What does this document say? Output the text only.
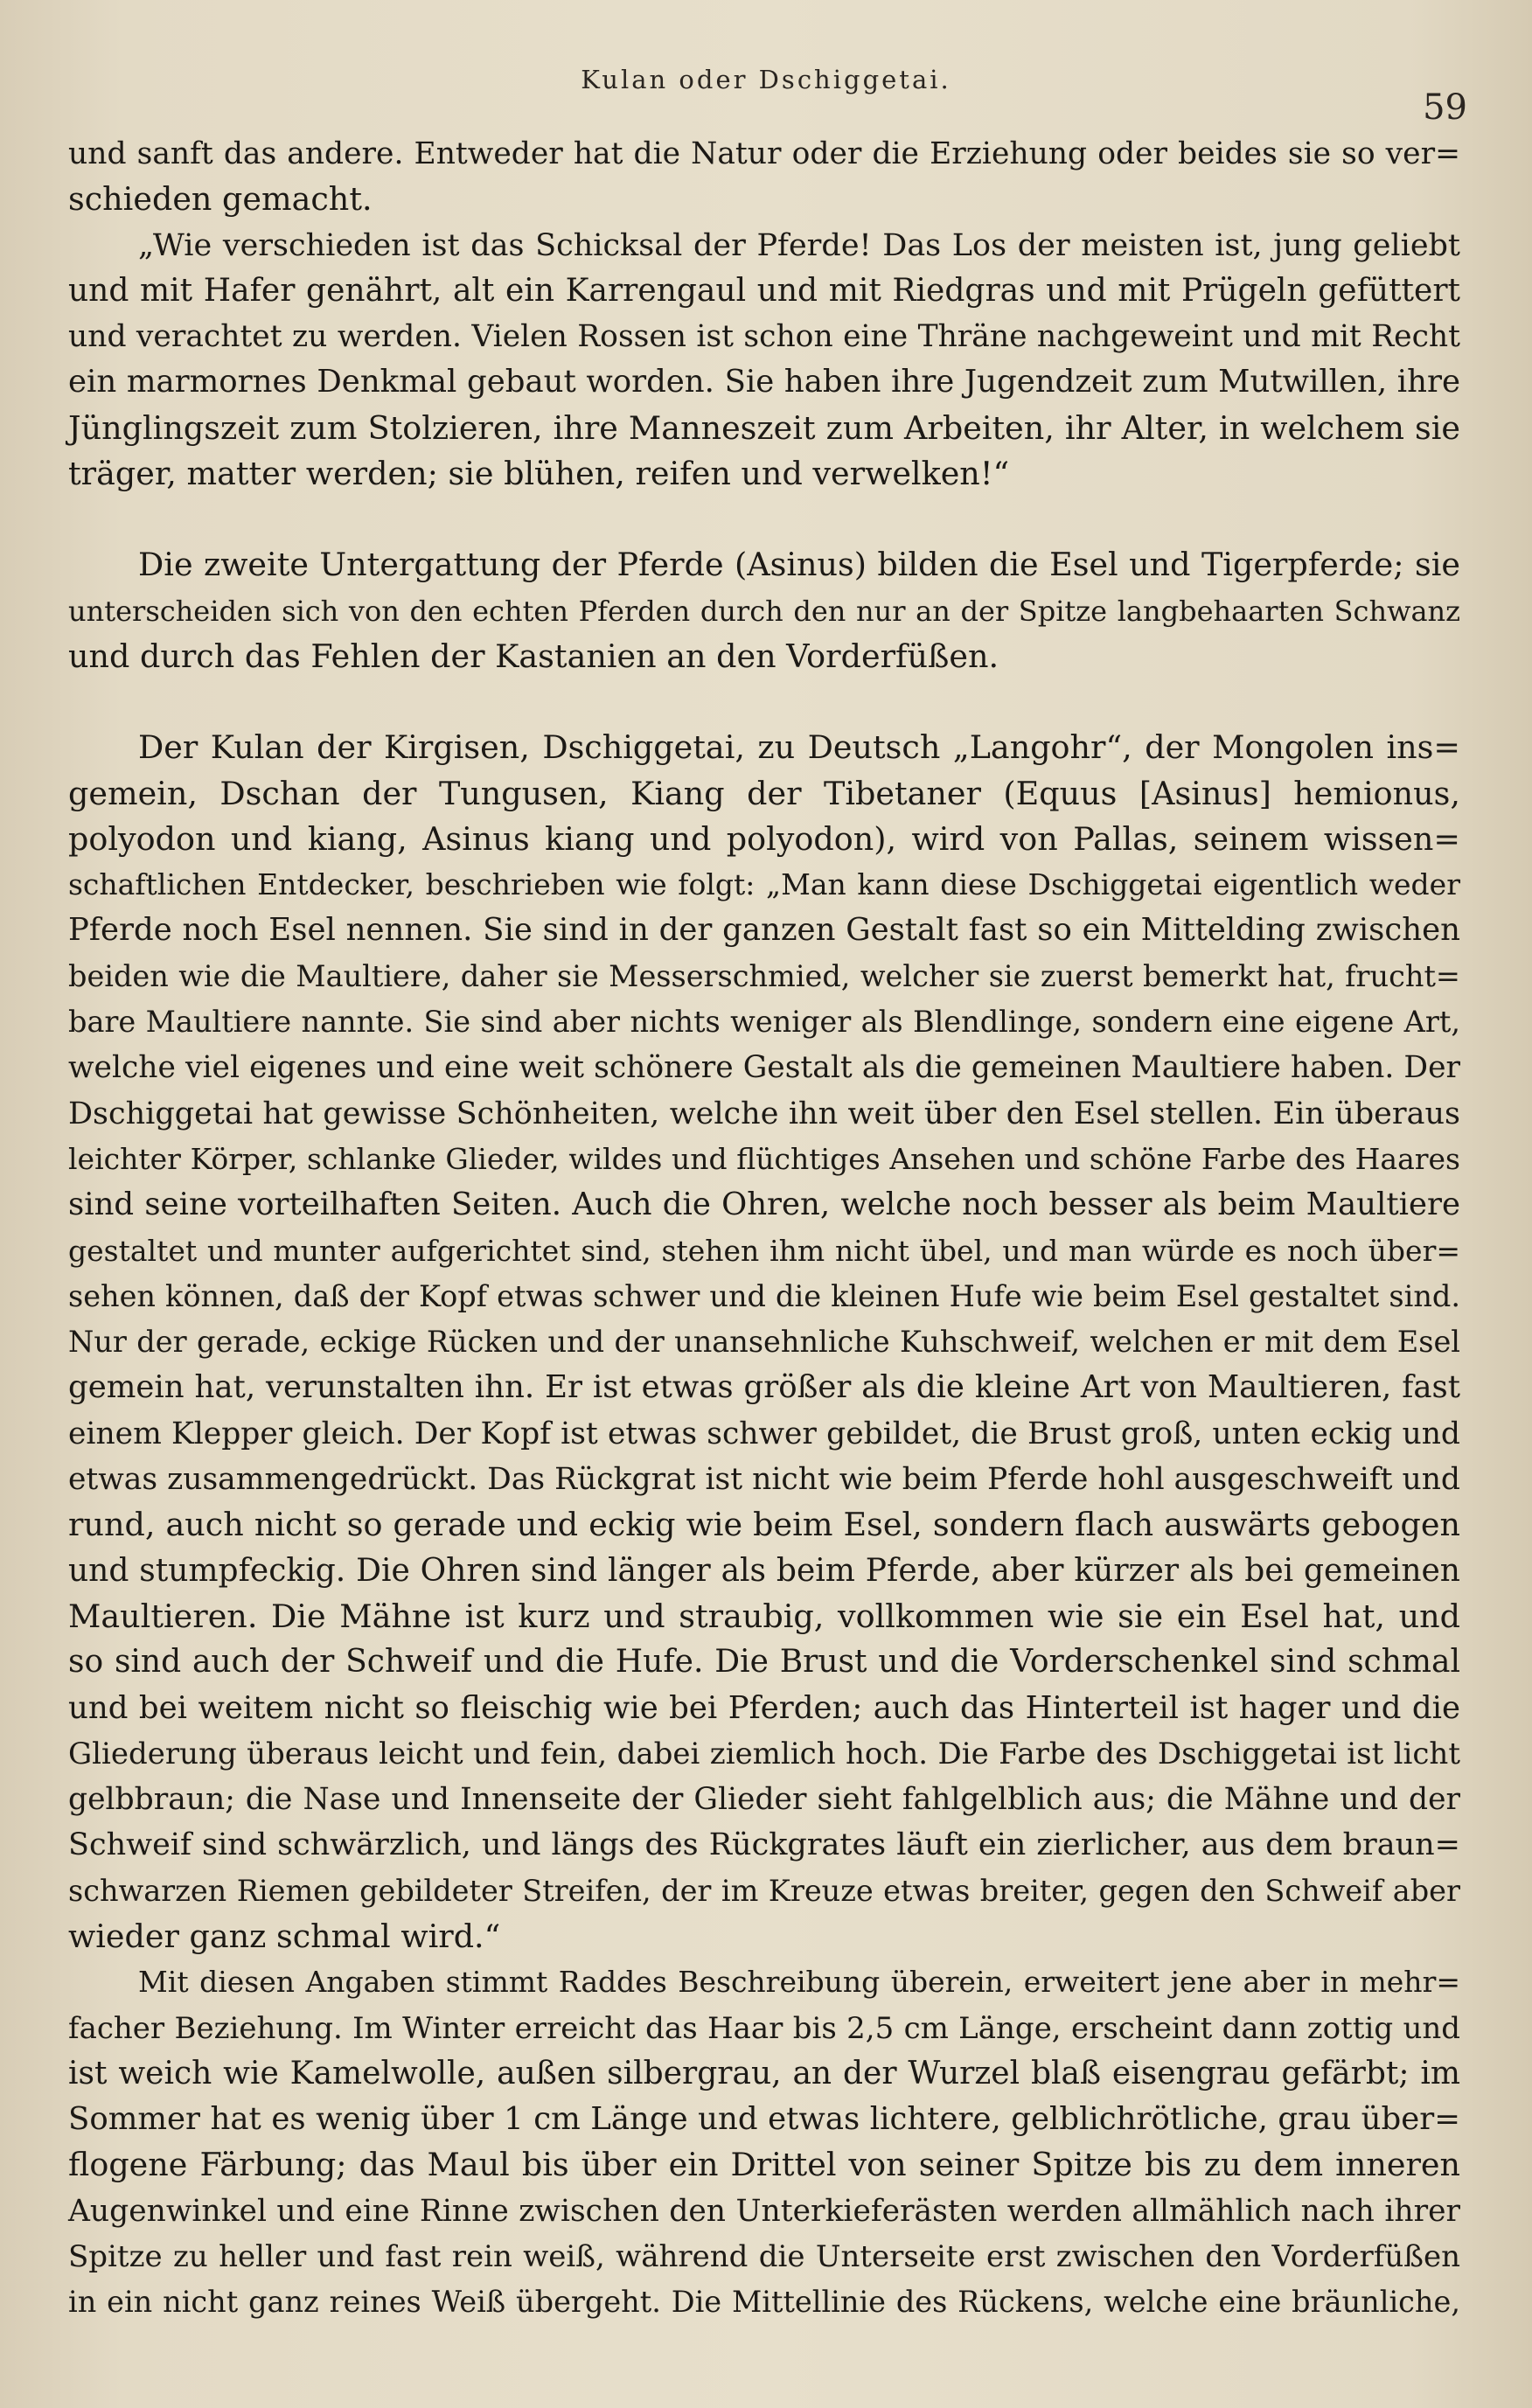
Kulan oder Dschiggetai.
59
und sanft das andere. Entweder hat die Natur oder die Erziehung oder beides sie so ver=
schieden gemacht.
„Wie verschieden ist das Schicksal der Pferde! Das Los der meisten ist, jung geliebt
und mit Hafer genährt, alt ein Karrengaul und mit Riedgras und mit Prügeln gefüttert
und verachtet zu werden. Vielen Rossen ist schon eine Thräne nachgeweint und mit Recht
ein marmornes Denkmal gebaut worden. Sie haben ihre Jugendzeit zum Mutwillen, ihre
Jünglingszeit zum Stolzieren, ihre Manneszeit zum Arbeiten, ihr Alter, in welchem sie
träger, matter werden; sie blühen, reifen und verwelken!“
Die zweite Untergattung der Pferde (Asinus) bilden die Esel und Tigerpferde; sie
unterscheiden sich von den echten Pferden durch den nur an der Spitze langbehaarten Schwanz
und durch das Fehlen der Kastanien an den Vorderfüßen.
Der Kulan der Kirgisen, Dschiggetai, zu Deutsch „Langohr“, der Mongolen ins=
gemein, Dschan der Tungusen, Kiang der Tibetaner (Equus [Asinus] hemionus,
polyodon und kiang, Asinus kiang und polyodon), wird von Pallas, seinem wissen=
schaftlichen Entdecker, beschrieben wie folgt: „Man kann diese Dschiggetai eigentlich weder
Pferde noch Esel nennen. Sie sind in der ganzen Gestalt fast so ein Mittelding zwischen
beiden wie die Maultiere, daher sie Messerschmied, welcher sie zuerst bemerkt hat, frucht=
bare Maultiere nannte. Sie sind aber nichts weniger als Blendlinge, sondern eine eigene Art,
welche viel eigenes und eine weit schönere Gestalt als die gemeinen Maultiere haben. Der
Dschiggetai hat gewisse Schönheiten, welche ihn weit über den Esel stellen. Ein überaus
leichter Körper, schlanke Glieder, wildes und flüchtiges Ansehen und schöne Farbe des Haares
sind seine vorteilhaften Seiten. Auch die Ohren, welche noch besser als beim Maultiere
gestaltet und munter aufgerichtet sind, stehen ihm nicht übel, und man würde es noch über=
sehen können, daß der Kopf etwas schwer und die kleinen Hufe wie beim Esel gestaltet sind.
Nur der gerade, eckige Rücken und der unansehnliche Kuhschweif, welchen er mit dem Esel
gemein hat, verunstalten ihn. Er ist etwas größer als die kleine Art von Maultieren, fast
einem Klepper gleich. Der Kopf ist etwas schwer gebildet, die Brust groß, unten eckig und
etwas zusammengedrückt. Das Rückgrat ist nicht wie beim Pferde hohl ausgeschweift und
rund, auch nicht so gerade und eckig wie beim Esel, sondern flach auswärts gebogen
und stumpfeckig. Die Ohren sind länger als beim Pferde, aber kürzer als bei gemeinen
Maultieren. Die Mähne ist kurz und straubig, vollkommen wie sie ein Esel hat, und
so sind auch der Schweif und die Hufe. Die Brust und die Vorderschenkel sind schmal
und bei weitem nicht so fleischig wie bei Pferden; auch das Hinterteil ist hager und die
Gliederung überaus leicht und fein, dabei ziemlich hoch. Die Farbe des Dschiggetai ist licht
gelbbraun; die Nase und Innenseite der Glieder sieht fahlgelblich aus; die Mähne und der
Schweif sind schwärzlich, und längs des Rückgrates läuft ein zierlicher, aus dem braun=
schwarzen Riemen gebildeter Streifen, der im Kreuze etwas breiter, gegen den Schweif aber
wieder ganz schmal wird.“
Mit diesen Angaben stimmt Raddes Beschreibung überein, erweitert jene aber in mehr=
facher Beziehung. Im Winter erreicht das Haar bis 2,5 cm Länge, erscheint dann zottig und
ist weich wie Kamelwolle, außen silbergrau, an der Wurzel blaß eisengrau gefärbt; im
Sommer hat es wenig über 1 cm Länge und etwas lichtere, gelblichrötliche, grau über=
flogene Färbung; das Maul bis über ein Drittel von seiner Spitze bis zu dem inneren
Augenwinkel und eine Rinne zwischen den Unterkieferästen werden allmählich nach ihrer
Spitze zu heller und fast rein weiß, während die Unterseite erst zwischen den Vorderfüßen
in ein nicht ganz reines Weiß übergeht. Die Mittellinie des Rückens, welche eine bräunliche,
